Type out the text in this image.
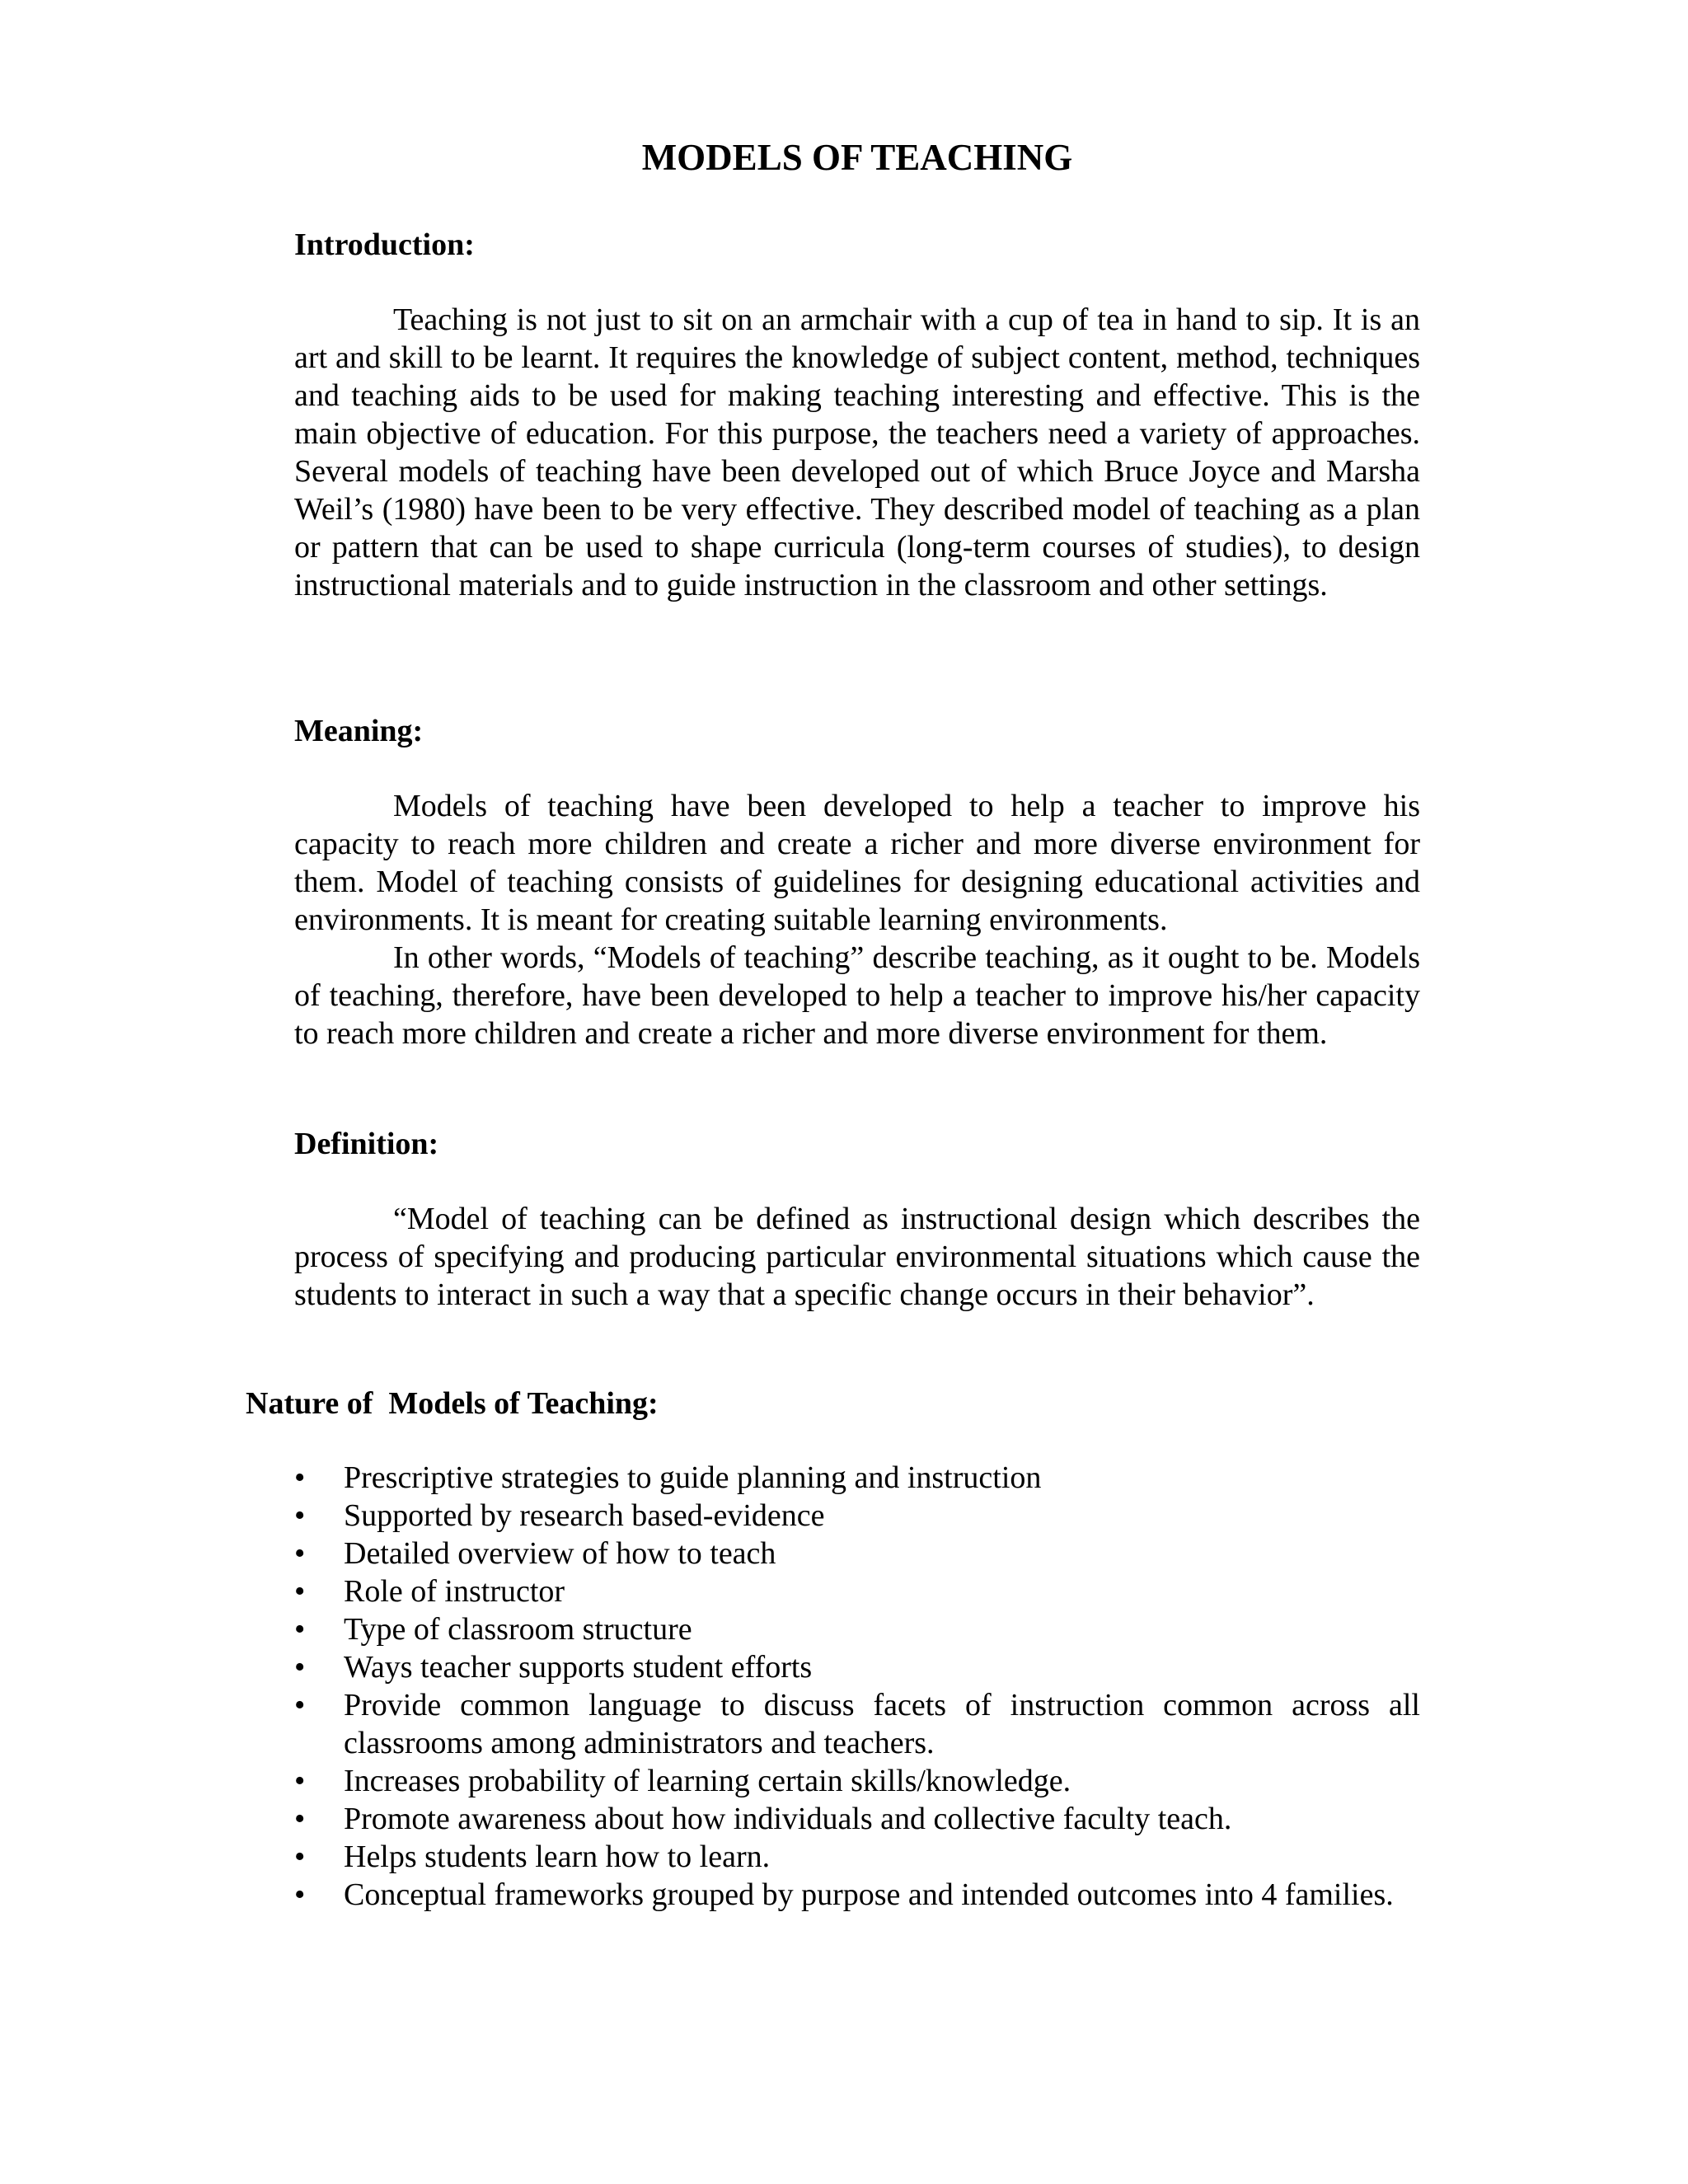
MODELS OF TEACHING
Introduction:

Teaching is not just to sit on an armchair with a cup of tea in hand to sip. It is an art and skill to be learnt. It requires the knowledge of subject content, method, techniques and teaching aids to be used for making teaching interesting and effective. This is the main objective of education. For this purpose, the teachers need a variety of approaches. Several models of teaching have been developed out of which Bruce Joyce and Marsha Weil’s (1980) have been to be very effective. They described model of teaching as a plan or pattern that can be used to shape curricula (long-term courses of studies), to design instructional materials and to guide instruction in the classroom and other settings.

Meaning:

Models of teaching have been developed to help a teacher to improve his capacity to reach more children and create a richer and more diverse environment for them. Model of teaching consists of guidelines for designing educational activities and environments. It is meant for creating suitable learning environments.

In other words, “Models of teaching” describe teaching, as it ought to be. Models of teaching, therefore, have been developed to help a teacher to improve his/her capacity to reach more children and create a richer and more diverse environment for them.

Definition:

“Model of teaching can be defined as instructional design which describes the process of specifying and producing particular environmental situations which cause the students to interact in such a way that a specific change occurs in their behavior”.

Nature of  Models of Teaching:
• Prescriptive strategies to guide planning and instruction
• Supported by research based-evidence
• Detailed overview of how to teach
• Role of instructor
• Type of classroom structure
• Ways teacher supports student efforts
• Provide common language to discuss facets of instruction common across all classrooms among administrators and teachers.
• Increases probability of learning certain skills/knowledge.
• Promote awareness about how individuals and collective faculty teach.
• Helps students learn how to learn.
• Conceptual frameworks grouped by purpose and intended outcomes into 4 families.
